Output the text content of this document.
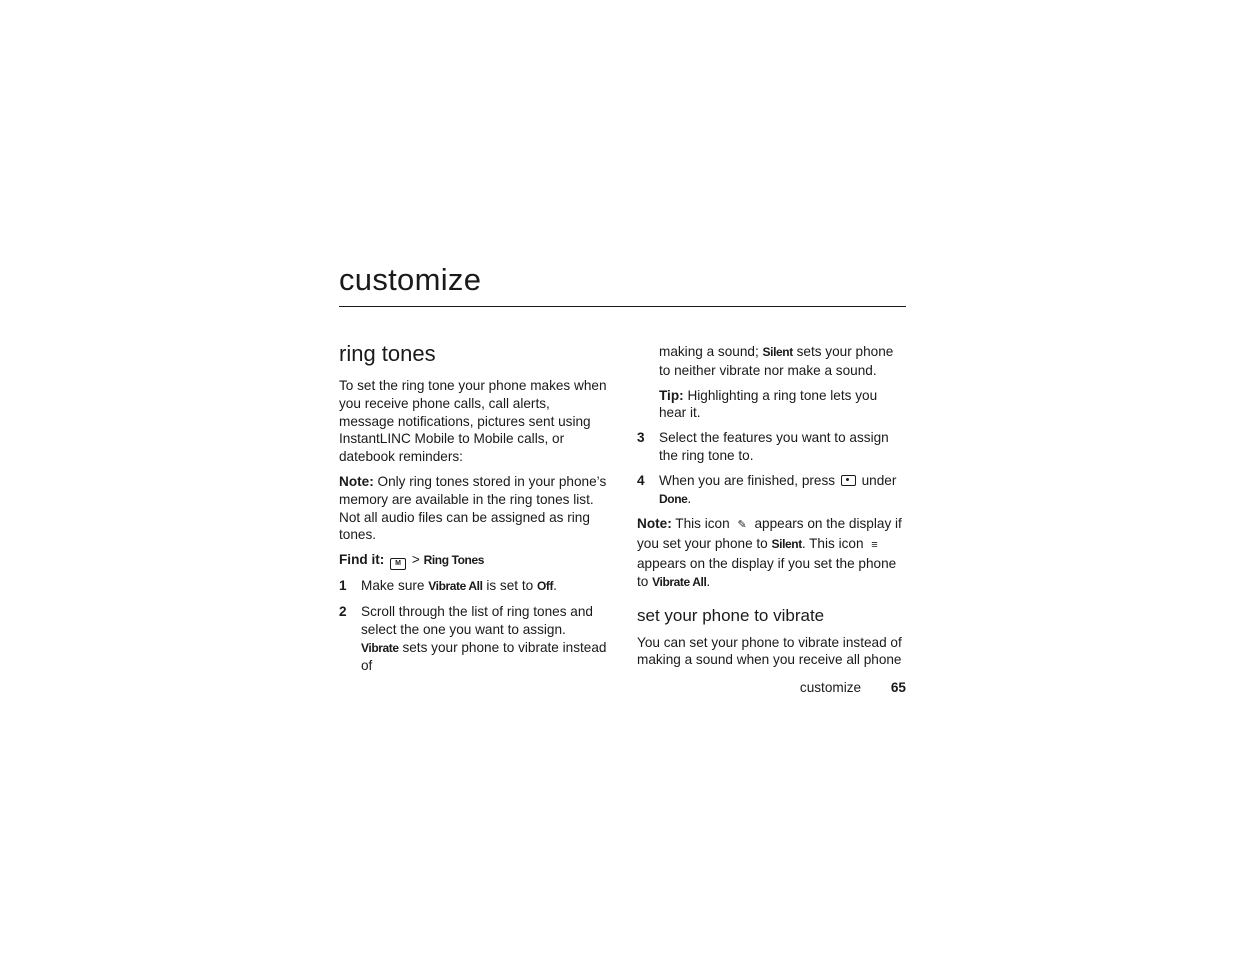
customize
ring tones

To set the ring tone your phone makes when you receive phone calls, call alerts, message notifications, pictures sent using InstantLINC Mobile to Mobile calls, or datebook reminders:

Note: Only ring tones stored in your phone’s memory are available in the ring tones list. Not all audio files can be assigned as ring tones.

Find it: M > Ring Tones

1	Make sure Vibrate All is set to Off.
2	Scroll through the list of ring tones and select the one you want to assign. Vibrate sets your phone to vibrate instead of

making a sound; Silent sets your phone to neither vibrate nor make a sound.

Tip: Highlighting a ring tone lets you hear it.

3	Select the features you want to assign the ring tone to.
4	When you are finished, press  under Done.

Note: This icon ✎ appears on the display if you set your phone to Silent. This icon ≡ appears on the display if you set the phone to Vibrate All.

set your phone to vibrate

You can set your phone to vibrate instead of making a sound when you receive all phone

customize 65
